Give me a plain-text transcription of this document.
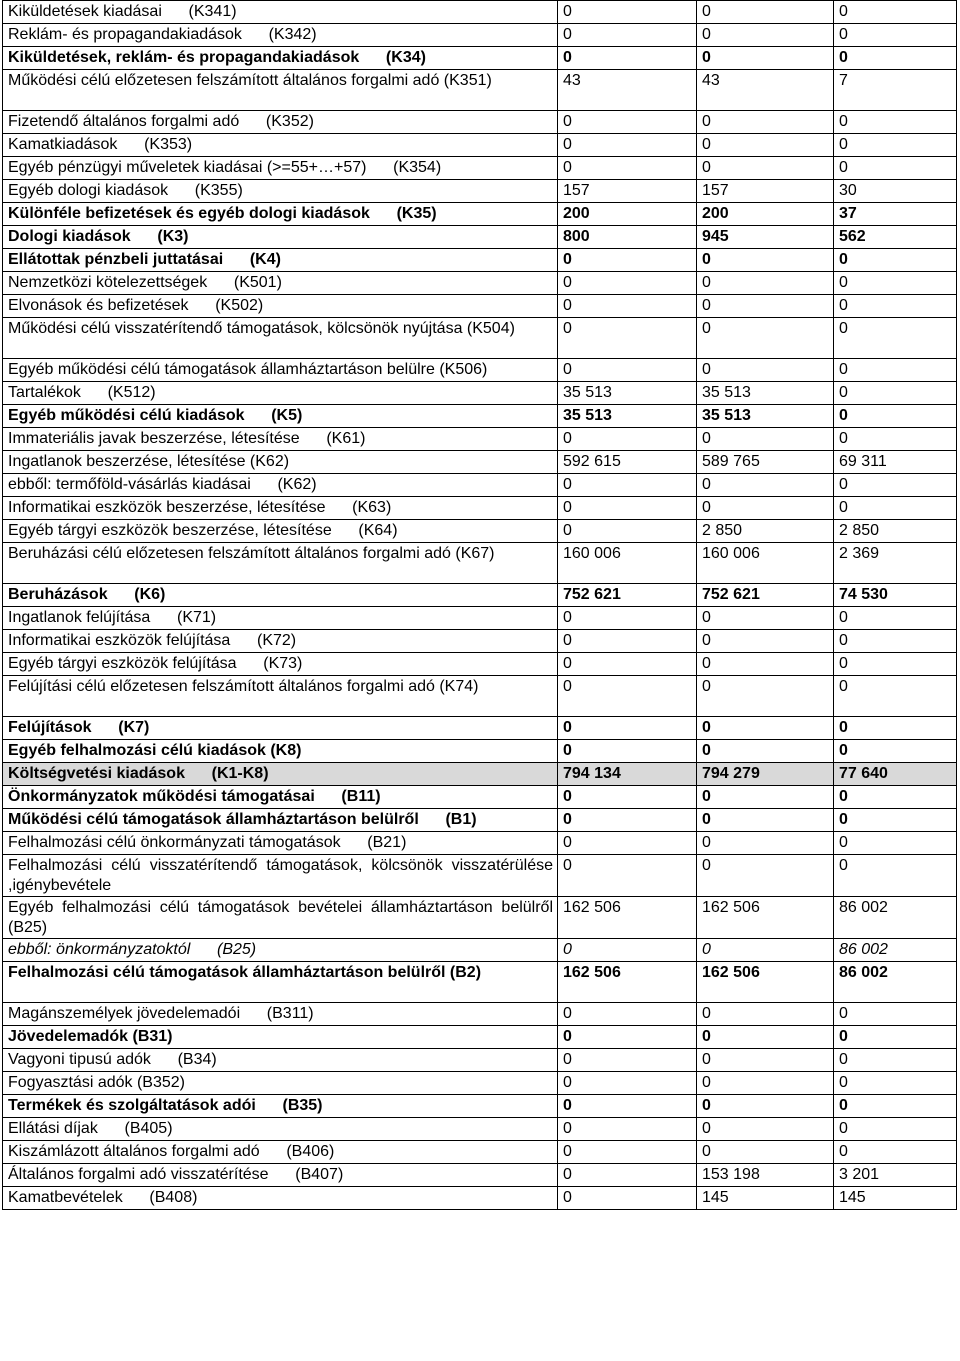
Kiküldetések kiadásai      (K341)	0	0	0
Reklám- és propagandakiadások      (K342)	0	0	0
Kiküldetések, reklám- és propagandakiadások      (K34)	0	0	0
Működési célú előzetesen felszámított általános forgalmi adó (K351)	43	43	7
Fizetendő általános forgalmi adó      (K352)	0	0	0
Kamatkiadások      (K353)	0	0	0
Egyéb pénzügyi műveletek kiadásai (>=55+…+57)      (K354)	0	0	0
Egyéb dologi kiadások      (K355)	157	157	30
Különféle befizetések és egyéb dologi kiadások      (K35)	200	200	37
Dologi kiadások      (K3)	800	945	562
Ellátottak pénzbeli juttatásai      (K4)	0	0	0
Nemzetközi kötelezettségek      (K501)	0	0	0
Elvonások és befizetések      (K502)	0	0	0
Működési célú visszatérítendő támogatások, kölcsönök nyújtása (K504)	0	0	0
Egyéb működési célú támogatások államháztartáson belülre (K506)	0	0	0
Tartalékok      (K512)	35 513	35 513	0
Egyéb működési célú kiadások      (K5)	35 513	35 513	0
Immateriális javak beszerzése, létesítése      (K61)	0	0	0
Ingatlanok beszerzése, létesítése (K62)	592 615	589 765	69 311
ebből: termőföld-vásárlás kiadásai      (K62)	0	0	0
Informatikai eszközök beszerzése, létesítése      (K63)	0	0	0
Egyéb tárgyi eszközök beszerzése, létesítése      (K64)	0	2 850	2 850
Beruházási célú előzetesen felszámított általános forgalmi adó (K67)	160 006	160 006	2 369
Beruházások      (K6)	752 621	752 621	74 530
Ingatlanok felújítása      (K71)	0	0	0
Informatikai eszközök felújítása      (K72)	0	0	0
Egyéb tárgyi eszközök felújítása      (K73)	0	0	0
Felújítási célú előzetesen felszámított általános forgalmi adó (K74)	0	0	0
Felújítások      (K7)	0	0	0
Egyéb felhalmozási célú kiadások (K8)	0	0	0
Költségvetési kiadások      (K1-K8)	794 134	794 279	77 640
Önkormányzatok működési támogatásai      (B11)	0	0	0
Működési célú támogatások államháztartáson belülről      (B1)	0	0	0
Felhalmozási célú önkormányzati támogatások      (B21)	0	0	0
Felhalmozási célú visszatérítendő támogatások, kölcsönök visszatérülése ,igénybevétele	0	0	0
Egyéb felhalmozási célú támogatások bevételei államháztartáson belülről (B25)	162 506	162 506	86 002
ebből: önkormányzatoktól      (B25)	0	0	86 002
Felhalmozási célú támogatások államháztartáson belülről (B2)	162 506	162 506	86 002
Magánszemélyek jövedelemadói      (B311)	0	0	0
Jövedelemadók (B31)	0	0	0
Vagyoni tipusú adók      (B34)	0	0	0
Fogyasztási adók (B352)	0	0	0
Termékek és szolgáltatások adói      (B35)	0	0	0
Ellátási díjak      (B405)	0	0	0
Kiszámlázott általános forgalmi adó      (B406)	0	0	0
Általános forgalmi adó visszatérítése      (B407)	0	153 198	3 201
Kamatbevételek      (B408)	0	145	145
